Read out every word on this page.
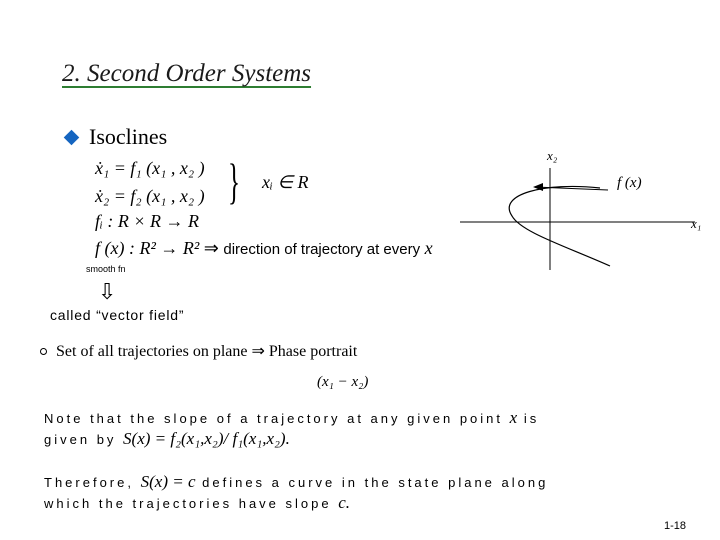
2. Second Order Systems
Isoclines
ẋ₁ = f₁ (x₁ , x₂ )
ẋ₂ = f₂ (x₁ , x₂ ) } xᵢ ∈ R
fᵢ : R × R → R
f (x) : R² → R² ⇒ direction of trajectory at every x
smooth fn
⇩
called “vector field”
x₂
x₁
f (x)
Set of all trajectories on plane ⇒ Phase portrait
(x₁ − x₂)
Note that the slope of a trajectory at any given point x is
given by S(x) = f₂(x₁,x₂)/ f₁(x₁,x₂).
Therefore, S(x) = c defines a curve in the state plane along
which the trajectories have slope c.
1-18
